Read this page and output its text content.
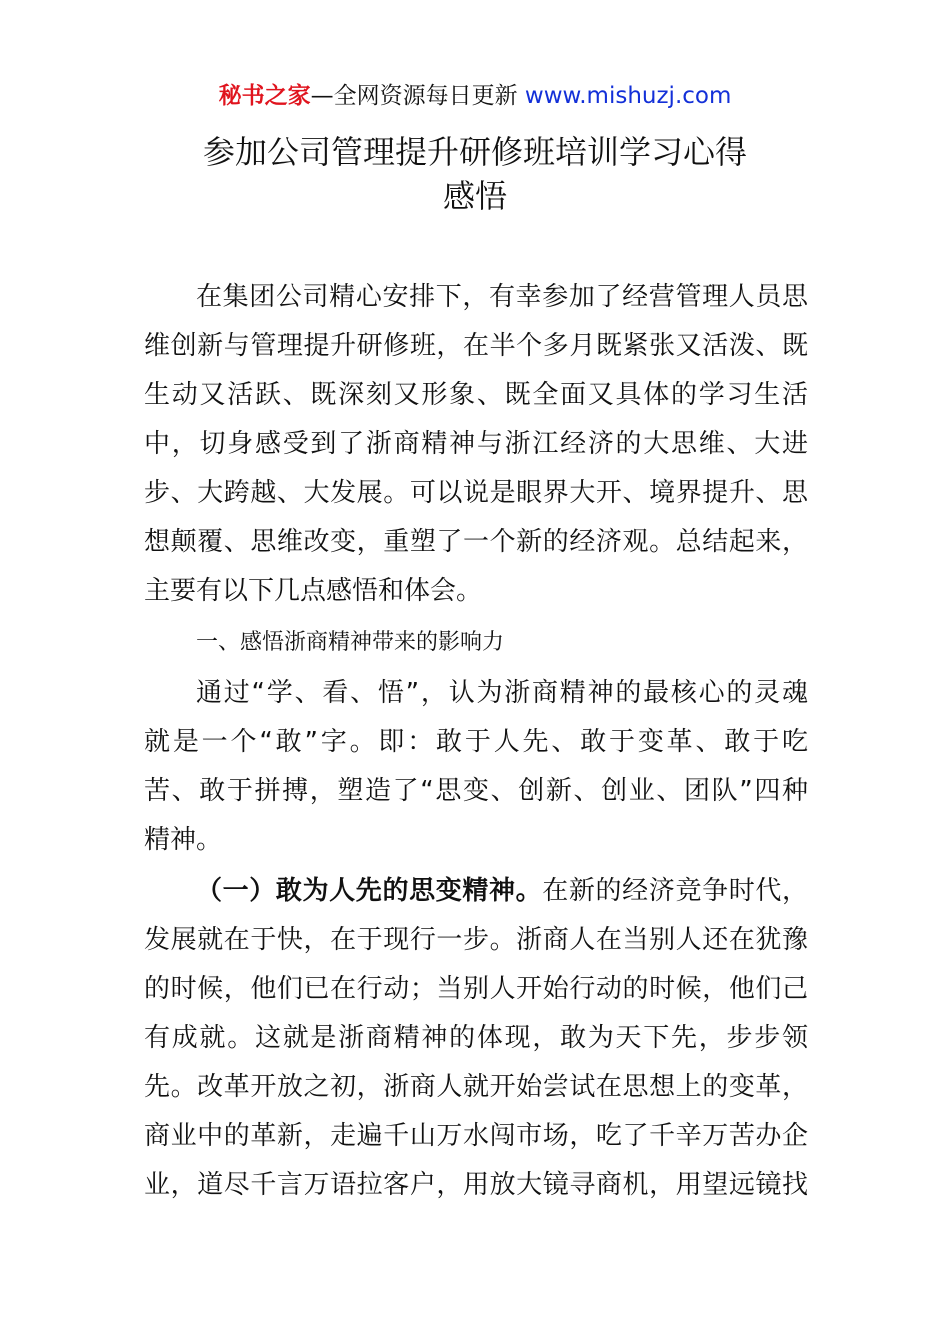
秘书之家—全网资源每日更新 www.mishuzj.com
参加公司管理提升研修班培训学习心得
感悟
在集团公司精心安排下，有幸参加了经营管理人员思
维创新与管理提升研修班，在半个多月既紧张又活泼、既
生动又活跃、既深刻又形象、既全面又具体的学习生活
中，切身感受到了浙商精神与浙江经济的大思维、大进
步、大跨越、大发展。可以说是眼界大开、境界提升、思
想颠覆、思维改变，重塑了一个新的经济观。总结起来，
主要有以下几点感悟和体会。
一、感悟浙商精神带来的影响力
通过“学、看、悟”，认为浙商精神的最核心的灵魂
就是一个“敢”字。即：敢于人先、敢于变革、敢于吃
苦、敢于拼搏，塑造了“思变、创新、创业、团队”四种
精神。
（一）敢为人先的思变精神。在新的经济竞争时代，
发展就在于快，在于现行一步。浙商人在当别人还在犹豫
的时候，他们已在行动；当别人开始行动的时候，他们己
有成就。这就是浙商精神的体现，敢为天下先，步步领
先。改革开放之初，浙商人就开始尝试在思想上的变革，
商业中的革新，走遍千山万水闯市场，吃了千辛万苦办企
业，道尽千言万语拉客户，用放大镜寻商机，用望远镜找
